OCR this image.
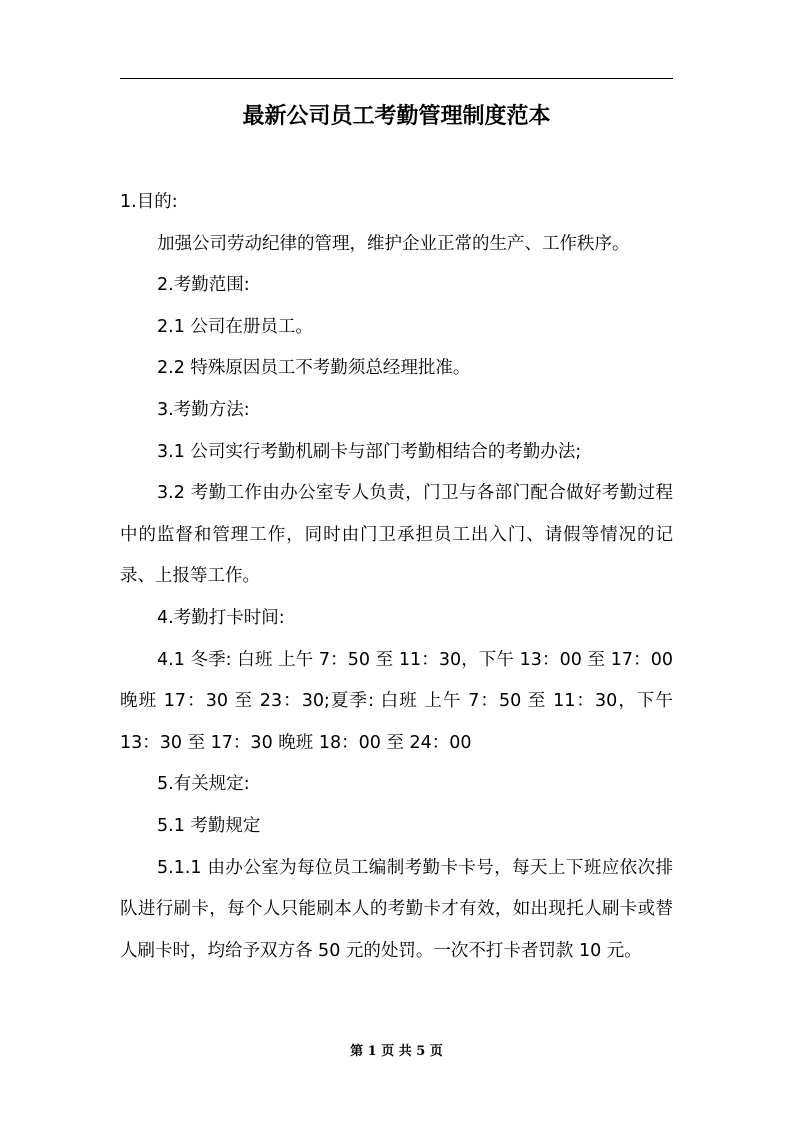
最新公司员工考勤管理制度范本

1.目的:

加强公司劳动纪律的管理，维护企业正常的生产、工作秩序。

2.考勤范围:

2.1 公司在册员工。

2.2 特殊原因员工不考勤须总经理批准。

3.考勤方法:

3.1 公司实行考勤机刷卡与部门考勤相结合的考勤办法;

3.2 考勤工作由办公室专人负责，门卫与各部门配合做好考勤过程中的监督和管理工作，同时由门卫承担员工出入门、请假等情况的记录、上报等工作。

4.考勤打卡时间:

4.1 冬季: 白班 上午 7：50 至 11：30，下午 13：00 至 17：00 晚班 17：30 至 23：30;夏季: 白班 上午 7：50 至 11：30，下午 13：30 至 17：30 晚班 18：00 至 24：00

5.有关规定:

5.1 考勤规定

5.1.1 由办公室为每位员工编制考勤卡卡号，每天上下班应依次排队进行刷卡，每个人只能刷本人的考勤卡才有效，如出现托人刷卡或替人刷卡时，均给予双方各 50 元的处罚。一次不打卡者罚款 10 元。

第 1 页 共 5 页
